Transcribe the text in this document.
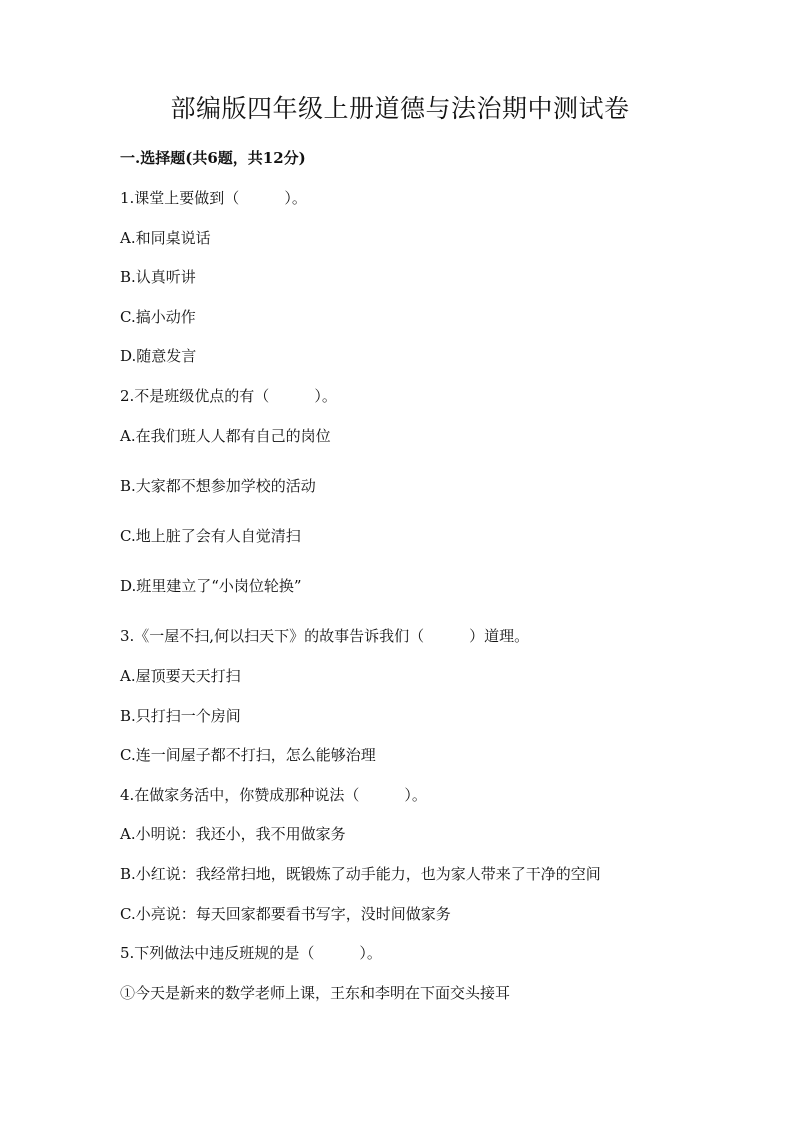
部编版四年级上册道德与法治期中测试卷
一.选择题(共6题，共12分)
1.课堂上要做到（　　　）。
A.和同桌说话
B.认真听讲
C.搞小动作
D.随意发言
2.不是班级优点的有（　　　）。
A.在我们班人人都有自己的岗位
B.大家都不想参加学校的活动
C.地上脏了会有人自觉清扫
D.班里建立了“小岗位轮换”
3.《一屋不扫,何以扫天下》的故事告诉我们（　　　）道理。
A.屋顶要天天打扫
B.只打扫一个房间
C.连一间屋子都不打扫，怎么能够治理
4.在做家务活中，你赞成那种说法（　　　）。
A.小明说：我还小，我不用做家务
B.小红说：我经常扫地，既锻炼了动手能力，也为家人带来了干净的空间
C.小亮说：每天回家都要看书写字，没时间做家务
5.下列做法中违反班规的是（　　　）。
①今天是新来的数学老师上课，王东和李明在下面交头接耳
